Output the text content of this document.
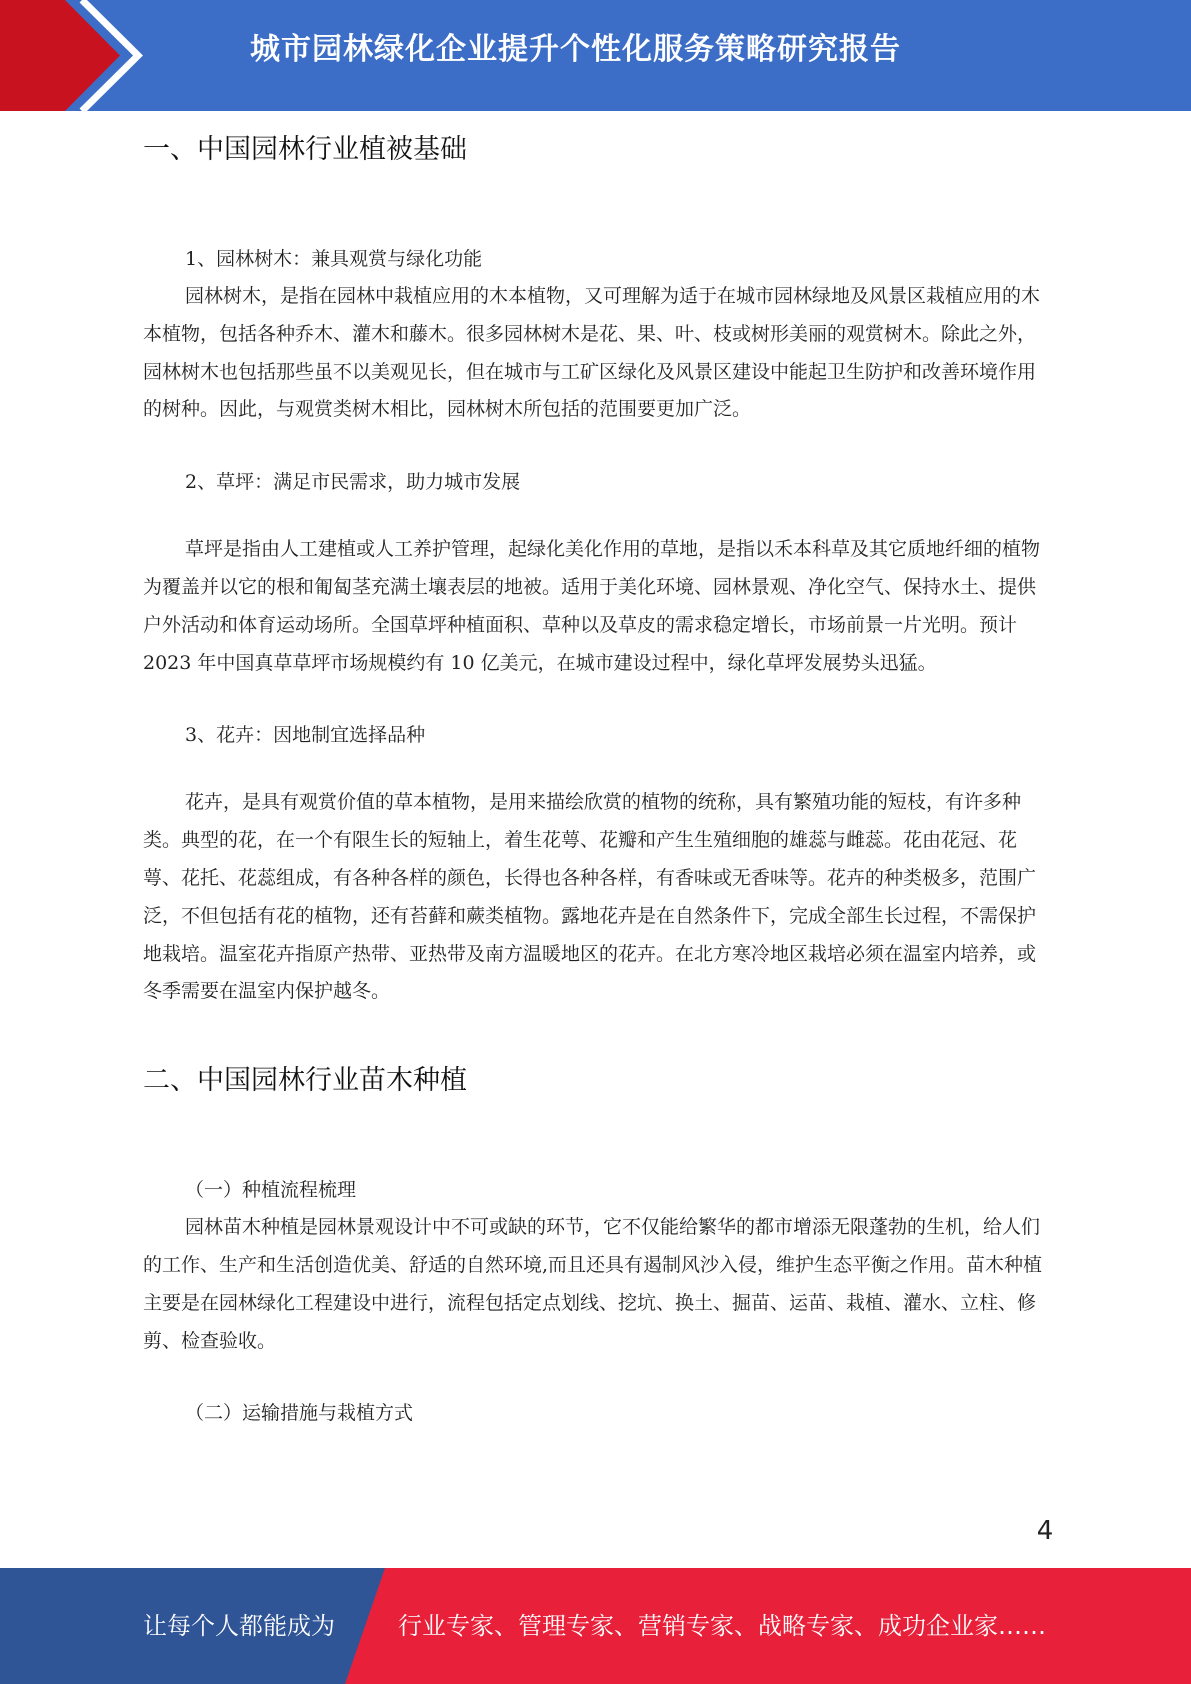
城市园林绿化企业提升个性化服务策略研究报告
一、中国园林行业植被基础
1、园林树木：兼具观赏与绿化功能
园林树木，是指在园林中栽植应用的木本植物，又可理解为适于在城市园林绿地及风景区栽植应用的木本植物，包括各种乔木、灌木和藤木。很多园林树木是花、果、叶、枝或树形美丽的观赏树木。除此之外，园林树木也包括那些虽不以美观见长，但在城市与工矿区绿化及风景区建设中能起卫生防护和改善环境作用的树种。因此，与观赏类树木相比，园林树木所包括的范围要更加广泛。
2、草坪：满足市民需求，助力城市发展
草坪是指由人工建植或人工养护管理，起绿化美化作用的草地，是指以禾本科草及其它质地纤细的植物为覆盖并以它的根和匍匐茎充满土壤表层的地被。适用于美化环境、园林景观、净化空气、保持水土、提供户外活动和体育运动场所。全国草坪种植面积、草种以及草皮的需求稳定增长，市场前景一片光明。预计 2023 年中国真草草坪市场规模约有 10 亿美元，在城市建设过程中，绿化草坪发展势头迅猛。
3、花卉：因地制宜选择品种
花卉，是具有观赏价值的草本植物，是用来描绘欣赏的植物的统称，具有繁殖功能的短枝，有许多种类。典型的花，在一个有限生长的短轴上，着生花萼、花瓣和产生生殖细胞的雄蕊与雌蕊。花由花冠、花萼、花托、花蕊组成，有各种各样的颜色，长得也各种各样，有香味或无香味等。花卉的种类极多，范围广泛，不但包括有花的植物，还有苔藓和蕨类植物。露地花卉是在自然条件下，完成全部生长过程，不需保护地栽培。温室花卉指原产热带、亚热带及南方温暖地区的花卉。在北方寒冷地区栽培必须在温室内培养，或冬季需要在温室内保护越冬。
二、中国园林行业苗木种植
（一）种植流程梳理
园林苗木种植是园林景观设计中不可或缺的环节，它不仅能给繁华的都市增添无限蓬勃的生机，给人们的工作、生产和生活创造优美、舒适的自然环境,而且还具有遏制风沙入侵，维护生态平衡之作用。苗木种植主要是在园林绿化工程建设中进行，流程包括定点划线、挖坑、换土、掘苗、运苗、栽植、灌水、立柱、修剪、检查验收。
（二）运输措施与栽植方式
4
让每个人都能成为	行业专家、管理专家、营销专家、战略专家、成功企业家……
